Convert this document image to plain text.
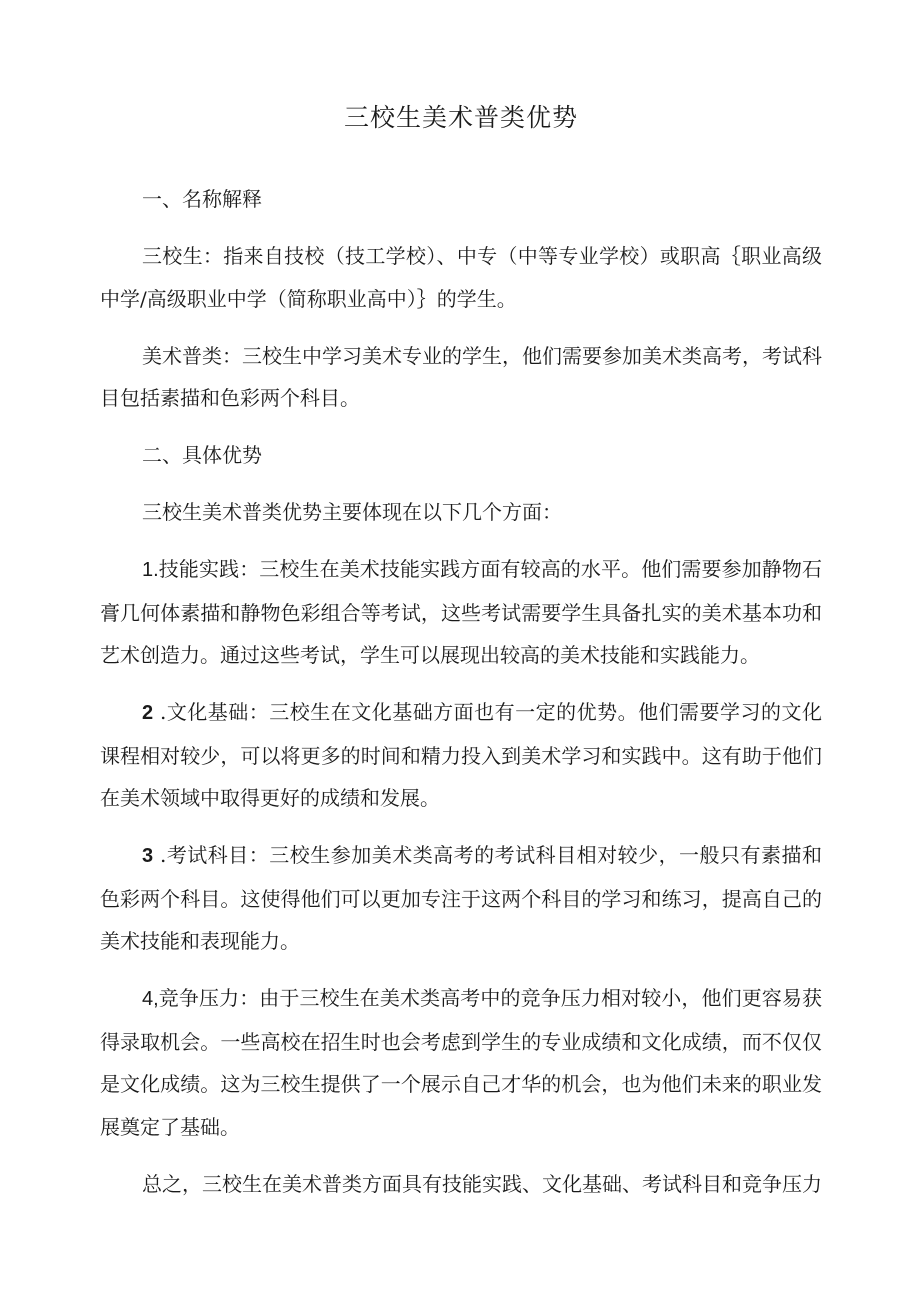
三校生美术普类优势

一、名称解释

三校生：指来自技校（技工学校）、中专（中等专业学校）或职高｛职业高级中学/高级职业中学（简称职业高中）｝的学生。

美术普类：三校生中学习美术专业的学生，他们需要参加美术类高考，考试科目包括素描和色彩两个科目。

二、具体优势

三校生美术普类优势主要体现在以下几个方面：

1.技能实践：三校生在美术技能实践方面有较高的水平。他们需要参加静物石膏几何体素描和静物色彩组合等考试，这些考试需要学生具备扎实的美术基本功和艺术创造力。通过这些考试，学生可以展现出较高的美术技能和实践能力。

2 .文化基础：三校生在文化基础方面也有一定的优势。他们需要学习的文化课程相对较少，可以将更多的时间和精力投入到美术学习和实践中。这有助于他们在美术领域中取得更好的成绩和发展。

3 .考试科目：三校生参加美术类高考的考试科目相对较少，一般只有素描和色彩两个科目。这使得他们可以更加专注于这两个科目的学习和练习，提高自己的美术技能和表现能力。

4,竞争压力：由于三校生在美术类高考中的竞争压力相对较小，他们更容易获得录取机会。一些高校在招生时也会考虑到学生的专业成绩和文化成绩，而不仅仅是文化成绩。这为三校生提供了一个展示自己才华的机会，也为他们未来的职业发展奠定了基础。

总之，三校生在美术普类方面具有技能实践、文化基础、考试科目和竞争压力
